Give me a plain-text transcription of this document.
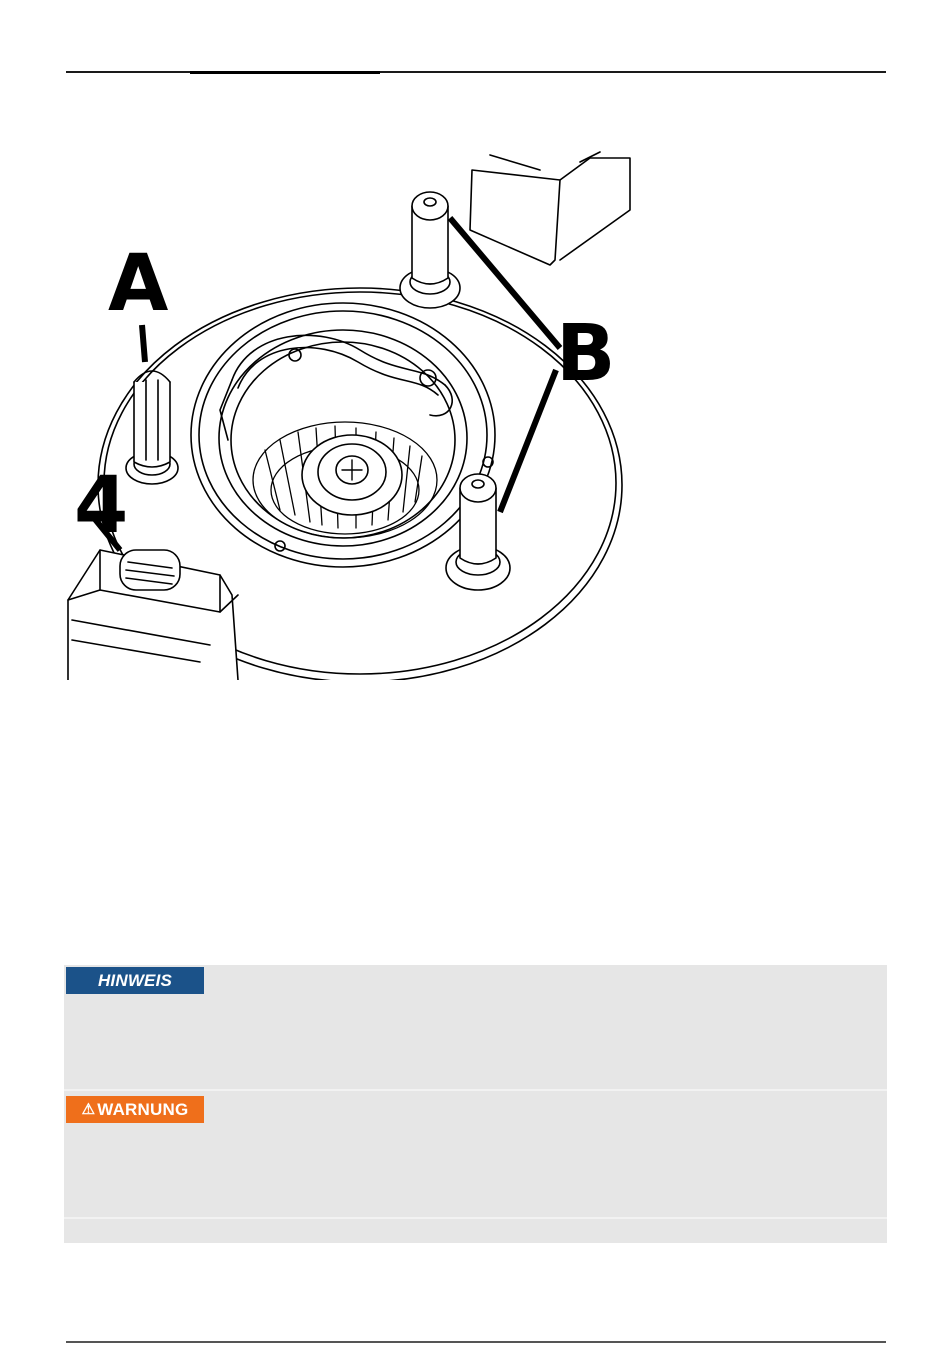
A
B
4
HINWEIS
⚠ WARNUNG
